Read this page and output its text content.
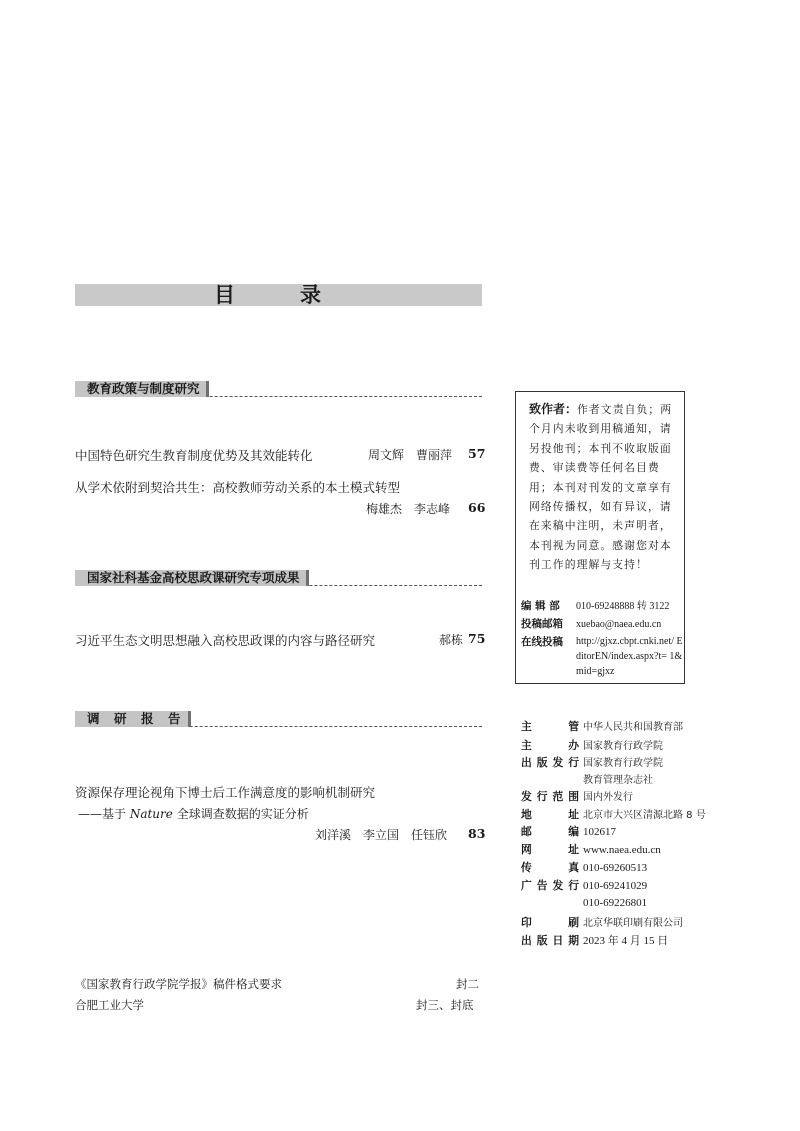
目　录
教育政策与制度研究
中国特色研究生教育制度优势及其效能转化	周文辉　曹丽萍 57
从学术依附到契洽共生：高校教师劳动关系的本土模式转型
梅雄杰　李志峰 66
国家社科基金高校思政课研究专项成果
习近平生态文明思想融入高校思政课的内容与路径研究	郝栋 75
调　研　报　告
资源保存理论视角下博士后工作满意度的影响机制研究
——基于 Nature 全球调查数据的实证分析
刘洋溪　李立国　任钰欣 83
《国家教育行政学院学报》稿件格式要求	封二
合肥工业大学	封三、封底
致作者：作者文责自负；两个月内未收到用稿通知，请另投他刊；本刊不收取版面费、审读费等任何名目费用；本刊对刊发的文章享有网络传播权，如有异议，请在来稿中注明，未声明者，本刊视为同意。感谢您对本刊工作的理解与支持！
编 辑 部 010-69248888 转 3122
投稿邮箱 xuebao@naea.edu.cn
在线投稿	http://gjxz.cbpt.cnki.net/ EditorEN/index.aspx?t= 1&mid=gjxz
主管 中华人民共和国教育部
主办 国家教育行政学院
出版发行 国家教育行政学院
教育管理杂志社
发行范围 国内外发行
地址 北京市大兴区清源北路 8 号
邮编 102617
网址 www.naea.edu.cn
传真 010-69260513
广告发行 010-69241029
010-69226801
印刷 北京华联印刷有限公司
出版日期 2023 年 4 月 15 日
